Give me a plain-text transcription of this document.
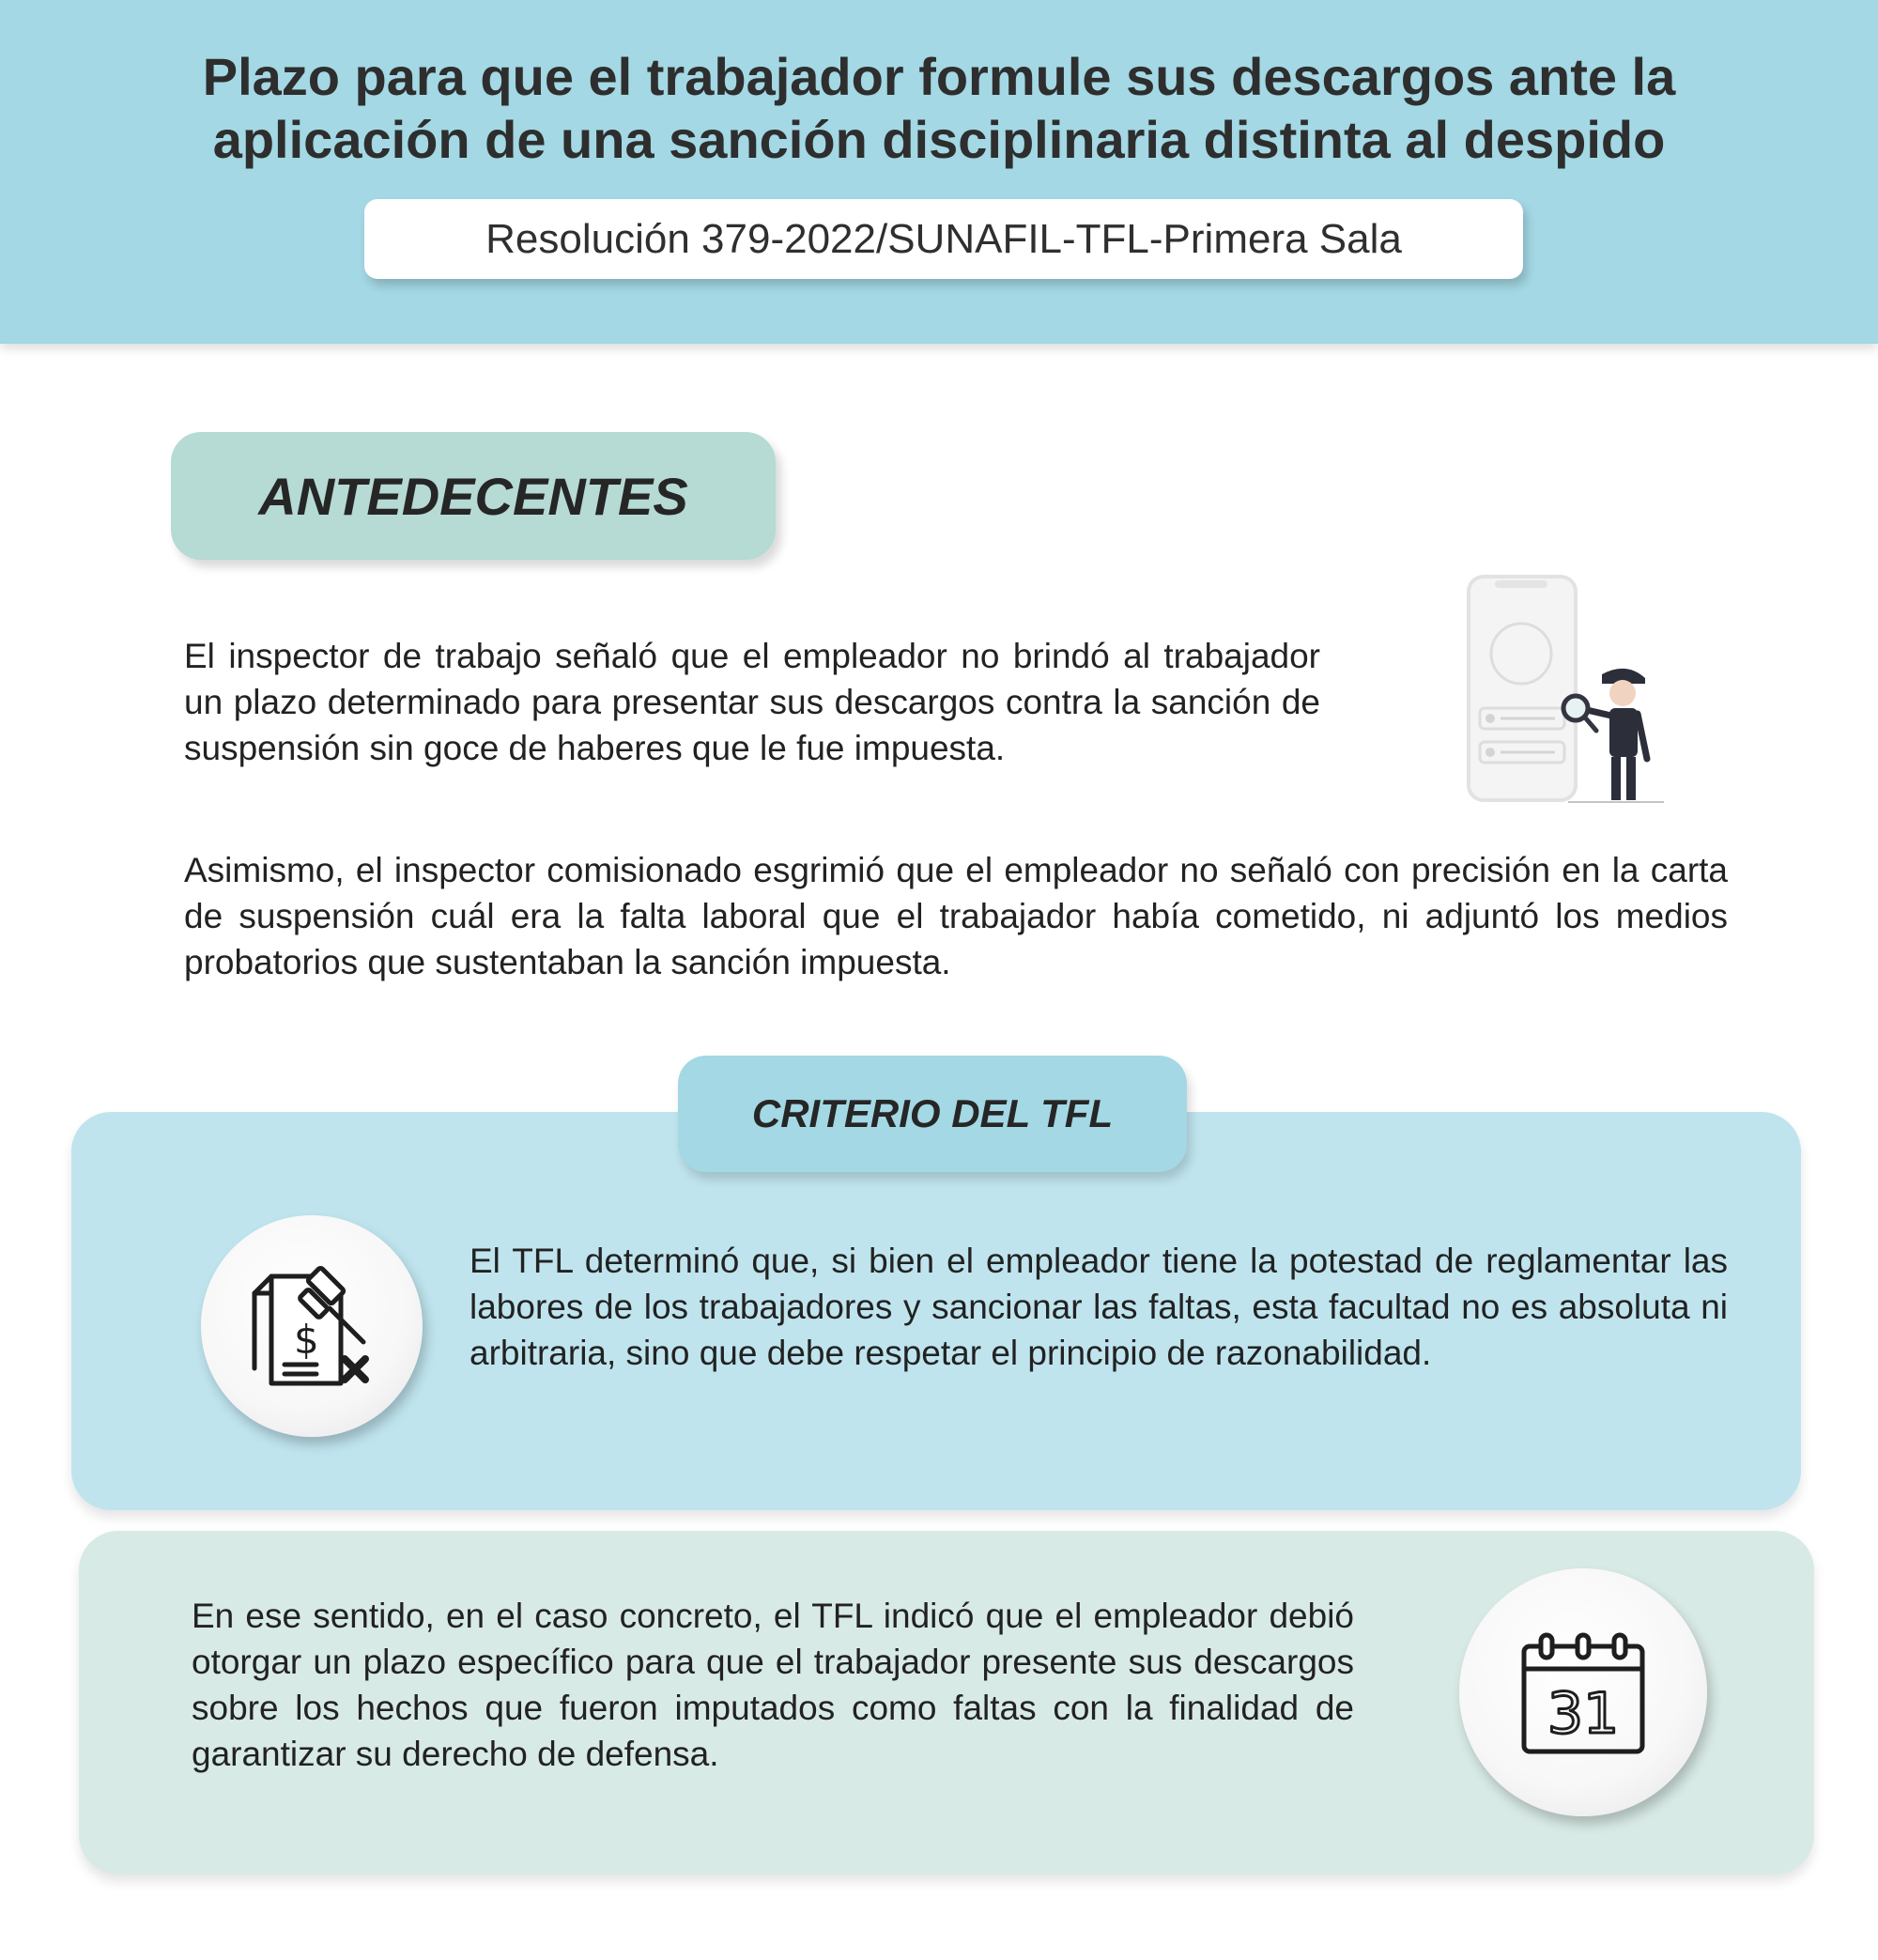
Plazo para que el trabajador formule sus descargos ante la aplicación de una sanción disciplinaria distinta al despido
Resolución 379-2022/SUNAFIL-TFL-Primera Sala
ANTEDECENTES

El inspector de trabajo señaló que el empleador no brindó al trabajador un plazo determinado para presentar sus descargos contra la sanción de suspensión sin goce de haberes que le fue impuesta.

Asimismo, el inspector comisionado esgrimió que el empleador no señaló con precisión en la carta de suspensión cuál era la falta laboral que el trabajador había cometido, ni adjuntó los medios probatorios que sustentaban la sanción impuesta.

CRITERIO DEL TFL
$

El TFL determinó que, si bien el empleador tiene la potestad de reglamentar las labores de los trabajadores y sancionar las faltas, esta facultad no es absoluta ni arbitraria, sino que debe respetar el principio de razonabilidad.

En ese sentido, en el caso concreto, el TFL indicó que el empleador debió otorgar un plazo específico para que el trabajador presente sus descargos sobre los hechos que fueron imputados como faltas con la finalidad de garantizar su derecho de defensa.

31
